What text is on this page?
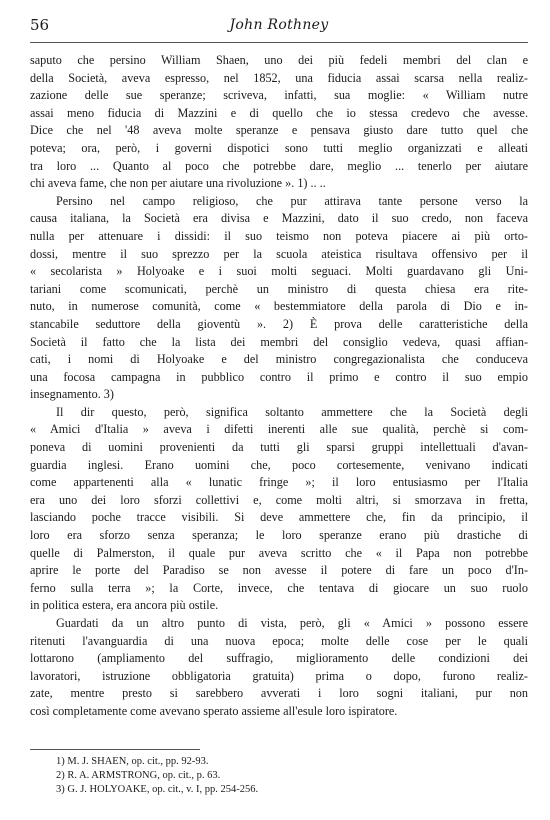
56	John Rothney
saputo che persino William Shaen, uno dei più fedeli membri del clan e
della Società, aveva espresso, nel 1852, una fiducia assai scarsa nella realiz-
zazione delle sue speranze; scriveva, infatti, sua moglie: « William nutre
assai meno fiducia di Mazzini e di quello che io stessa credevo che avesse.
Dice che nel '48 aveva molte speranze e pensava giusto dare tutto quel che
poteva; ora, però, i governi dispotici sono tutti meglio organizzati e alleati
tra loro ... Quanto al poco che potrebbe dare, meglio ... tenerlo per aiutare
chi aveva fame, che non per aiutare una rivoluzione ». 1) .. ..
Persino nel campo religioso, che pur attirava tante persone verso la
causa italiana, la Società era divisa e Mazzini, dato il suo credo, non faceva
nulla per attenuare i dissidi: il suo teismo non poteva piacere ai più orto-
dossi, mentre il suo sprezzo per la scuola ateistica risultava offensivo per il
« secolarista » Holyoake e i suoi molti seguaci. Molti guardavano gli Uni-
tariani come scomunicati, perchè un ministro di questa chiesa era rite-
nuto, in numerose comunità, come « bestemmiatore della parola di Dio e in-
stancabile seduttore della gioventù ». 2) È prova delle caratteristiche della
Società il fatto che la lista dei membri del consiglio vedeva, quasi affian-
cati, i nomi di Holyoake e del ministro congregazionalista che conduceva
una focosa campagna in pubblico contro il primo e contro il suo empio
insegnamento. 3)
Il dir questo, però, significa soltanto ammettere che la Società degli
« Amici d'Italia » aveva i difetti inerenti alle sue qualità, perchè si com-
poneva di uomini provenienti da tutti gli sparsi gruppi intellettuali d'avan-
guardia inglesi. Erano uomini che, poco cortesemente, venivano indicati
come appartenenti alla « lunatic fringe »; il loro entusiasmo per l'Italia
era uno dei loro sforzi collettivi e, come molti altri, si smorzava in fretta,
lasciando poche tracce visibili. Si deve ammettere che, fin da principio, il
loro era sforzo senza speranza; le loro speranze erano più drastiche di
quelle di Palmerston, il quale pur aveva scritto che « il Papa non potrebbe
aprire le porte del Paradiso se non avesse il potere di fare un poco d'In-
ferno sulla terra »; la Corte, invece, che tentava di giocare un suo ruolo
in politica estera, era ancora più ostile.
Guardati da un altro punto di vista, però, gli « Amici » possono essere
ritenuti l'avanguardia di una nuova epoca; molte delle cose per le quali
lottarono (ampliamento del suffragio, miglioramento delle condizioni dei
lavoratori, istruzione obbligatoria gratuita) prima o dopo, furono realiz-
zate, mentre presto si sarebbero avverati i loro sogni italiani, pur non
così completamente come avevano sperato assieme all'esule loro ispiratore.
1) M. J. SHAEN, op. cit., pp. 92-93.
2) R. A. ARMSTRONG, op. cit., p. 63.
3) G. J. HOLYOAKE, op. cit., v. I, pp. 254-256.
